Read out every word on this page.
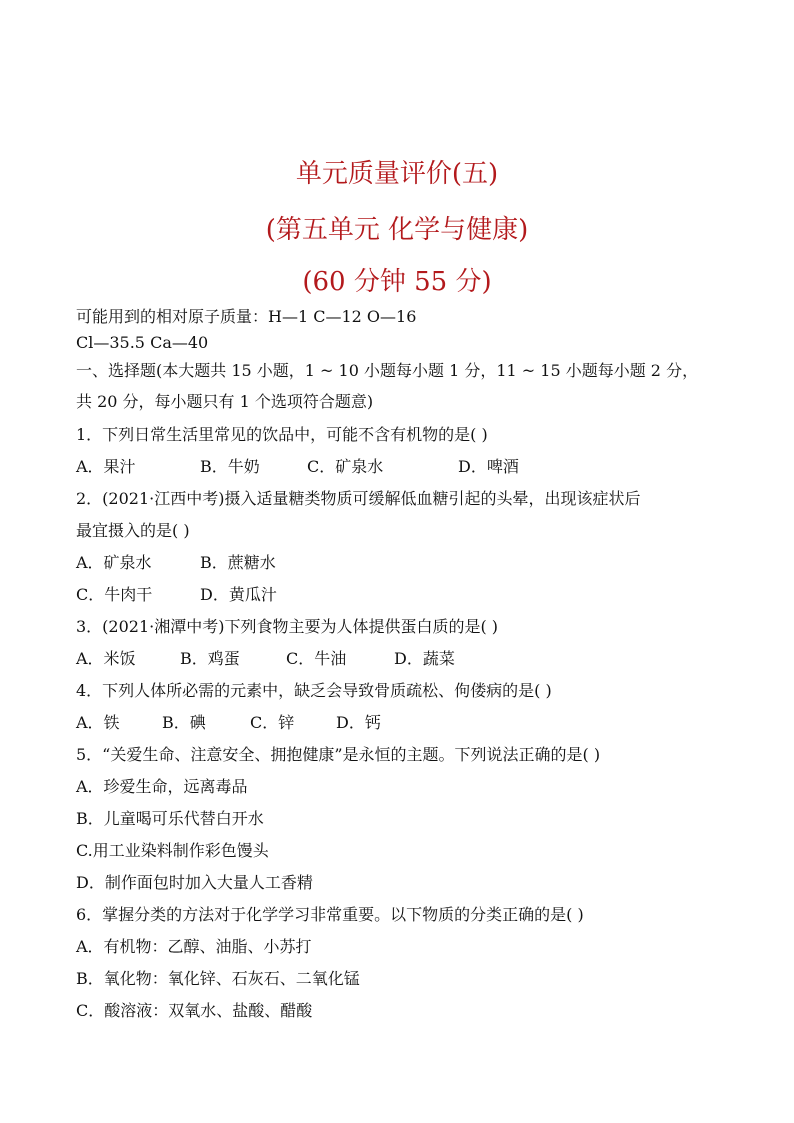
单元质量评价(五)
(第五单元 化学与健康)
(60 分钟 55 分)
可能用到的相对原子质量：H—1 C—12 O—16
Cl—35.5 Ca—40
一、选择题(本大题共 15 小题，1 ~ 10 小题每小题 1 分，11 ~ 15 小题每小题 2 分，
共 20 分，每小题只有 1 个选项符合题意)
1．下列日常生活里常见的饮品中，可能不含有机物的是( )
A．果汁	B．牛奶	C．矿泉水	D．啤酒
2．(2021·江西中考)摄入适量糖类物质可缓解低血糖引起的头晕，出现该症状后
最宜摄入的是( )
A．矿泉水	B．蔗糖水
C．牛肉干	D．黄瓜汁
3．(2021·湘潭中考)下列食物主要为人体提供蛋白质的是( )
A．米饭	B．鸡蛋	C．牛油	D．蔬菜
4．下列人体所必需的元素中，缺乏会导致骨质疏松、佝偻病的是( )
A．铁	B．碘	C．锌	D．钙
5．“关爱生命、注意安全、拥抱健康”是永恒的主题。下列说法正确的是( )
A．珍爱生命，远离毒品
B．儿童喝可乐代替白开水
C.用工业染料制作彩色馒头
D．制作面包时加入大量人工香精
6．掌握分类的方法对于化学学习非常重要。以下物质的分类正确的是( )
A．有机物：乙醇、油脂、小苏打
B．氧化物：氧化锌、石灰石、二氧化锰
C．酸溶液：双氧水、盐酸、醋酸
